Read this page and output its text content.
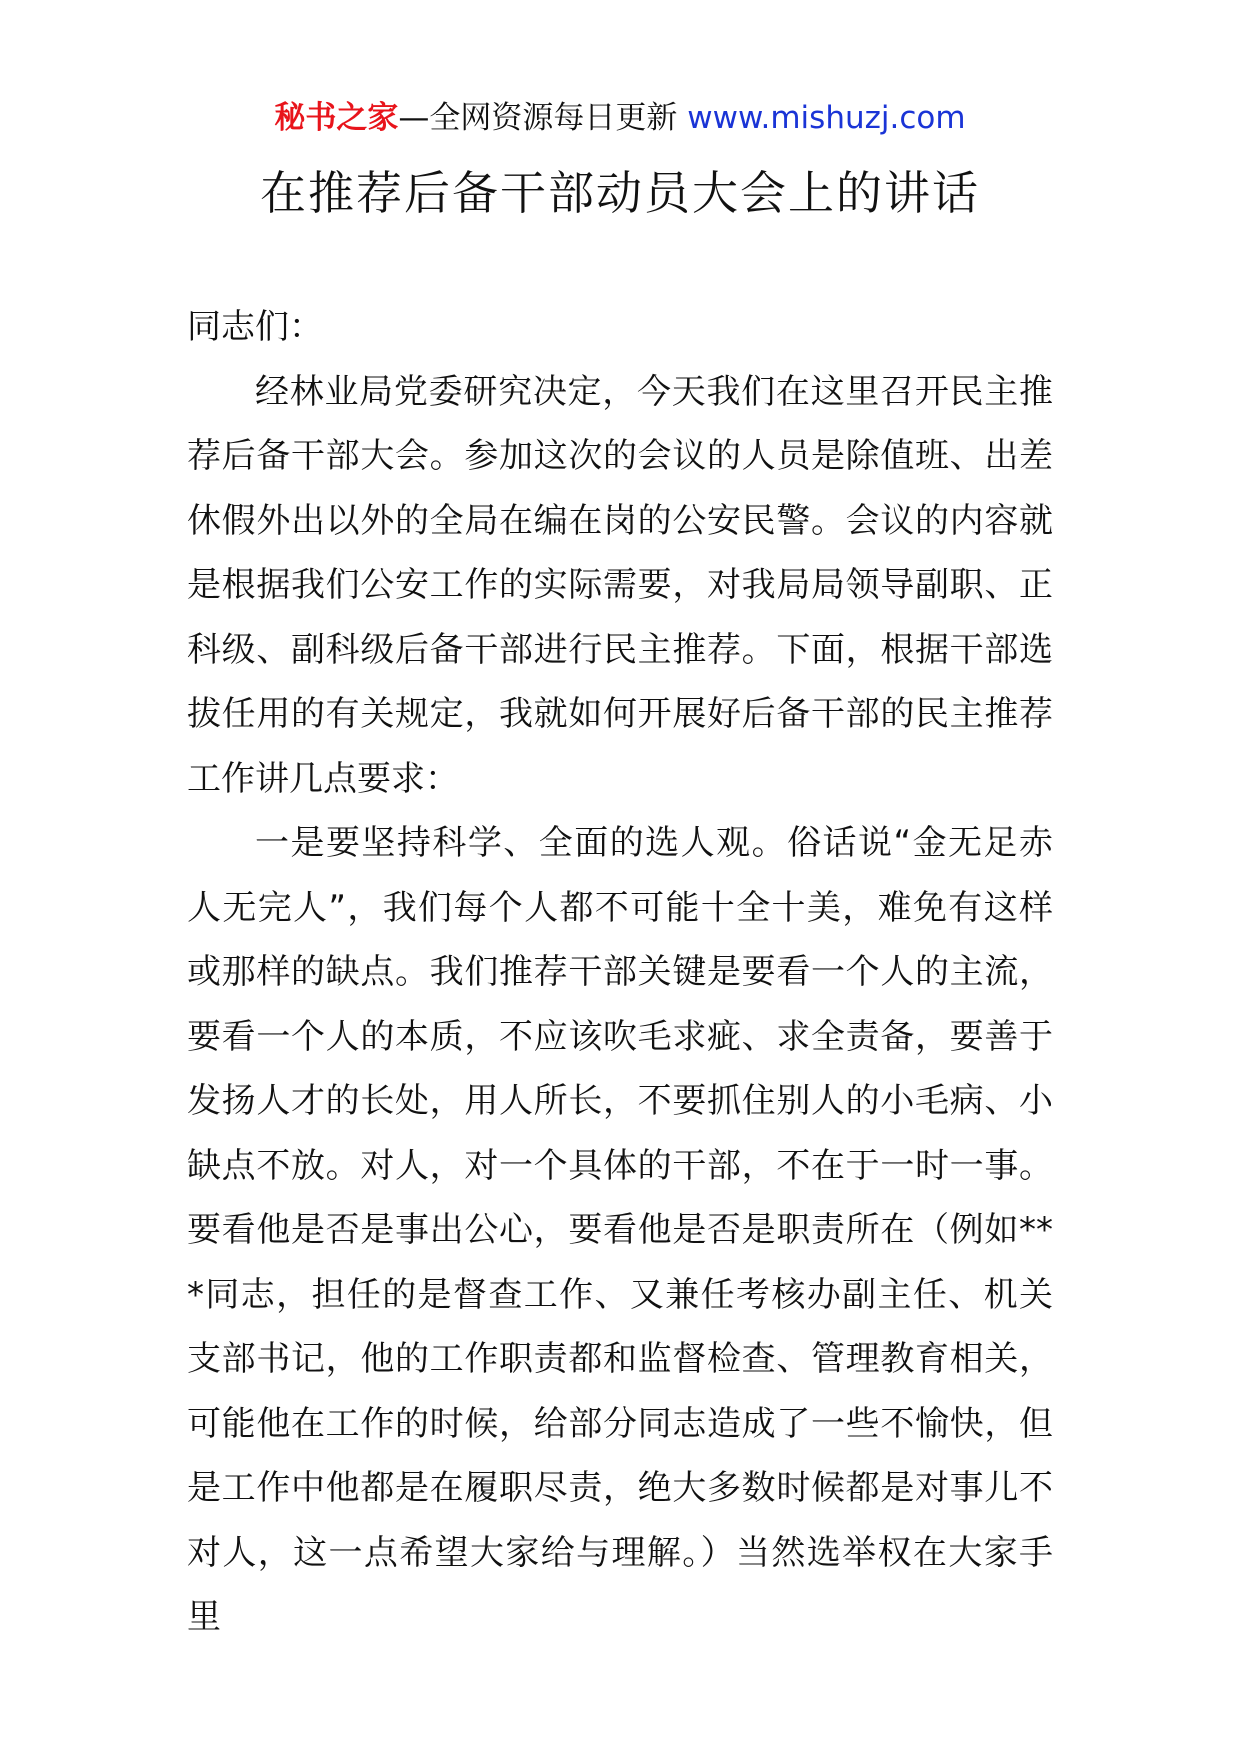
秘书之家—全网资源每日更新 www.mishuzj.com
在推荐后备干部动员大会上的讲话

同志们：

经林业局党委研究决定，今天我们在这里召开民主推荐后备干部大会。参加这次的会议的人员是除值班、出差休假外出以外的全局在编在岗的公安民警。会议的内容就是根据我们公安工作的实际需要，对我局局领导副职、正科级、副科级后备干部进行民主推荐。下面，根据干部选拔任用的有关规定，我就如何开展好后备干部的民主推荐工作讲几点要求：

一是要坚持科学、全面的选人观。俗话说“金无足赤人无完人”，我们每个人都不可能十全十美，难免有这样或那样的缺点。我们推荐干部关键是要看一个人的主流，要看一个人的本质，不应该吹毛求疵、求全责备，要善于发扬人才的长处，用人所长，不要抓住别人的小毛病、小缺点不放。对人，对一个具体的干部，不在于一时一事。要看他是否是事出公心，要看他是否是职责所在（例如***同志，担任的是督查工作、又兼任考核办副主任、机关支部书记，他的工作职责都和监督检查、管理教育相关，可能他在工作的时候，给部分同志造成了一些不愉快，但是工作中他都是在履职尽责，绝大多数时候都是对事儿不对人，这一点希望大家给与理解。）当然选举权在大家手里
